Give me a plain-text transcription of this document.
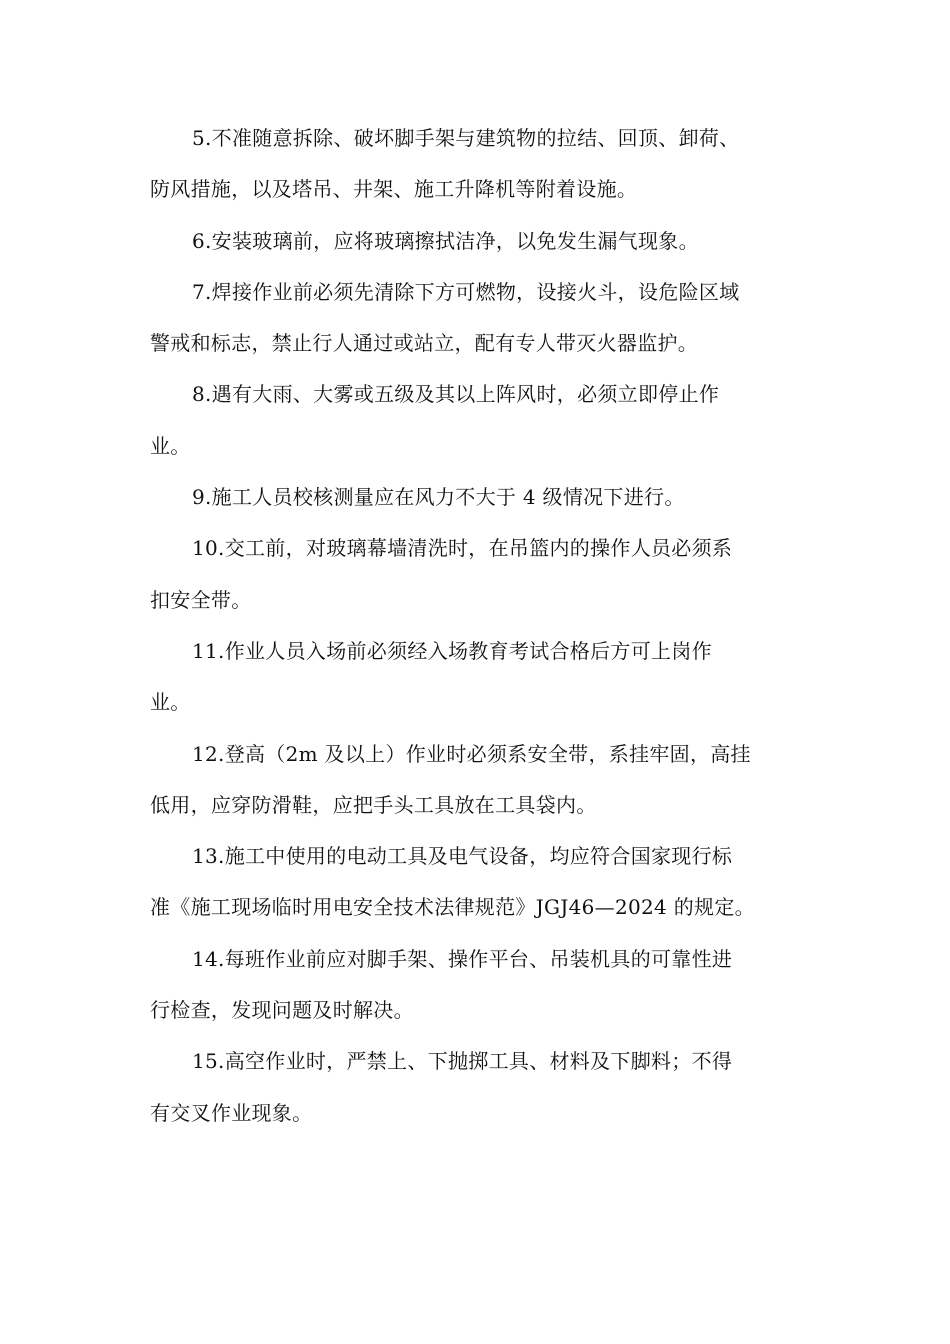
5.不准随意拆除、破坏脚手架与建筑物的拉结、回顶、卸荷、
防风措施，以及塔吊、井架、施工升降机等附着设施。

6.安装玻璃前，应将玻璃擦拭洁净，以免发生漏气现象。

7.焊接作业前必须先清除下方可燃物，设接火斗，设危险区域
警戒和标志，禁止行人通过或站立，配有专人带灭火器监护。

8.遇有大雨、大雾或五级及其以上阵风时，必须立即停止作
业。

9.施工人员校核测量应在风力不大于 4 级情况下进行。

10.交工前，对玻璃幕墙清洗时，在吊篮内的操作人员必须系
扣安全带。

11.作业人员入场前必须经入场教育考试合格后方可上岗作
业。

12.登高（2m 及以上）作业时必须系安全带，系挂牢固，高挂
低用，应穿防滑鞋，应把手头工具放在工具袋内。

13.施工中使用的电动工具及电气设备，均应符合国家现行标
准《施工现场临时用电安全技术法律规范》JGJ46—2024 的规定。

14.每班作业前应对脚手架、操作平台、吊装机具的可靠性进
行检查，发现问题及时解决。

15.高空作业时，严禁上、下抛掷工具、材料及下脚料；不得
有交叉作业现象。
